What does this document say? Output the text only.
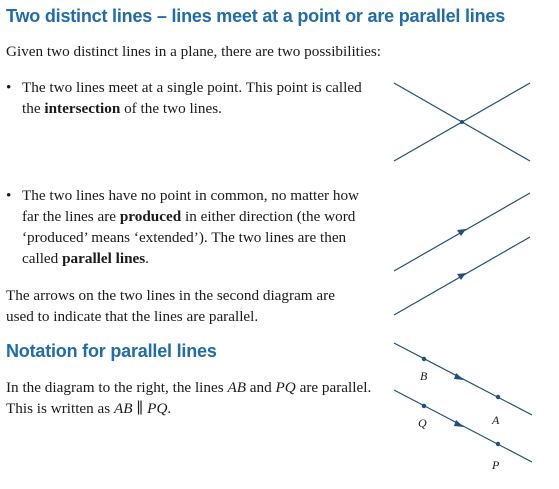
Two distinct lines – lines meet at a point or are parallel lines
Given two distinct lines in a plane, there are two possibilities:
• The two lines meet at a single point. This point is called the intersection of the two lines.
• The two lines have no point in common, no matter how far the lines are produced in either direction (the word ‘produced’ means ‘extended’). The two lines are then called parallel lines.
The arrows on the two lines in the second diagram are used to indicate that the lines are parallel.
Notation for parallel lines
In the diagram to the right, the lines AB and PQ are parallel. This is written as AB ∥ PQ.
B
A
Q
P
